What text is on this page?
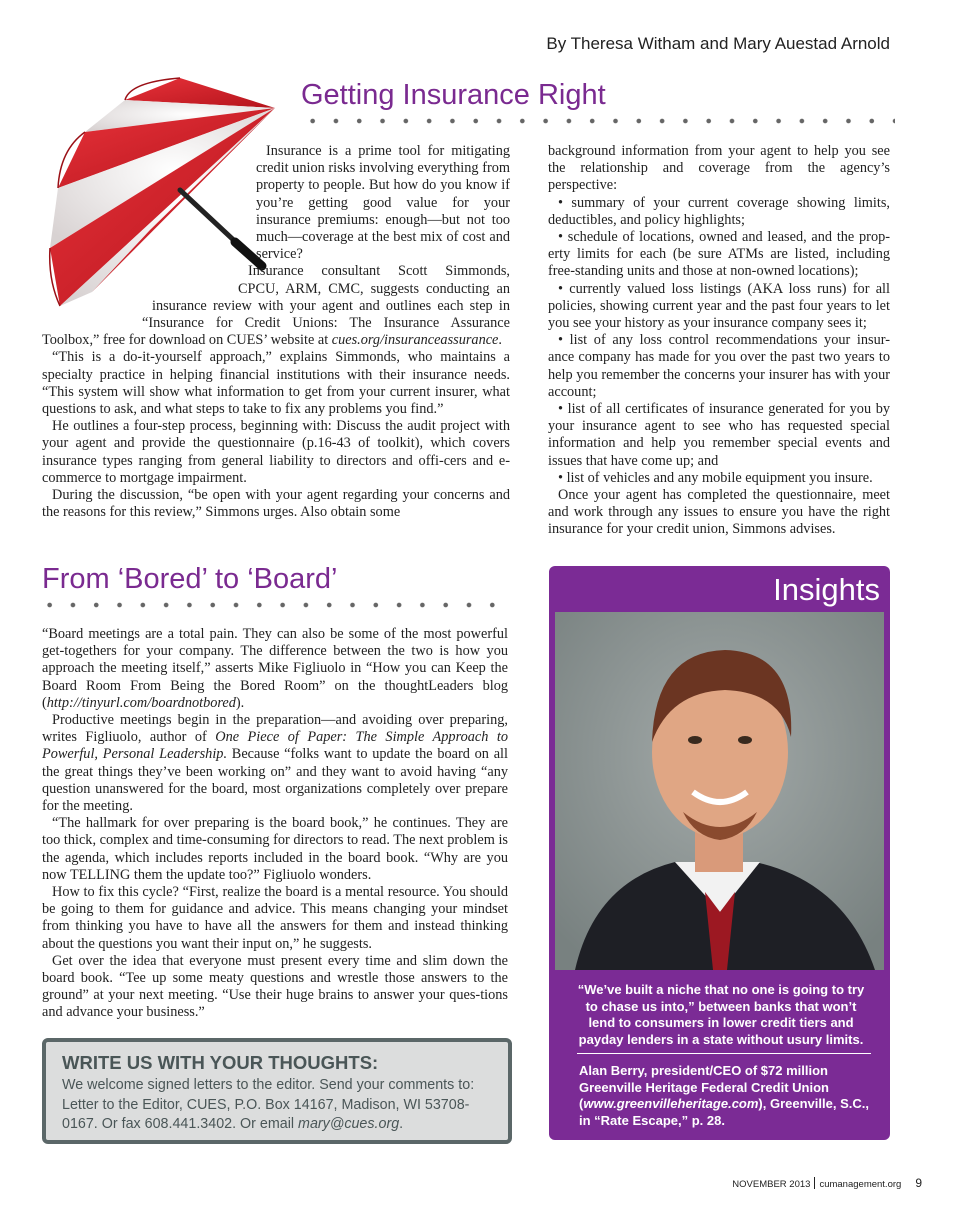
By Theresa Witham and Mary Auestad Arnold
Getting Insurance Right

Insurance is a prime tool for mitigating credit union risks involving everything from property to people. But how do you know if you’re getting good value for your insurance premiums: enough—but not too much—coverage at the best mix of cost and service?

Insurance consultant Scott Simmonds, CPCU, ARM, CMC, suggests conducting an insurance review with your agent and outlines each step in “Insurance for Credit Unions: The Insurance Assurance Toolbox,” free for download on CUES’ website at cues.org/insuranceassurance.

“This is a do-it-yourself approach,” explains Simmonds, who maintains a specialty practice in helping financial institutions with their insurance needs. “This system will show what information to get from your current insurer, what questions to ask, and what steps to take to fix any problems you find.”

He outlines a four-step process, beginning with: Discuss the audit project with your agent and provide the questionnaire (p.16-43 of toolkit), which covers insurance types ranging from general liability to directors and offi-cers and e-commerce to mortgage impairment.

During the discussion, “be open with your agent regarding your concerns and the reasons for this review,” Simmons urges. Also obtain some

background information from your agent to help you see the relationship and coverage from the agency’s perspective:

• summary of your current coverage showing limits, deductibles, and policy highlights;

• schedule of locations, owned and leased, and the prop-erty limits for each (be sure ATMs are listed, including free-standing units and those at non-owned locations);

• currently valued loss listings (AKA loss runs) for all policies, showing current year and the past four years to let you see your history as your insurance company sees it;

• list of any loss control recommendations your insur-ance company has made for you over the past two years to help you remember the concerns your insurer has with your account;

• list of all certificates of insurance generated for you by your insurance agent to see who has requested special information and help you remember special events and issues that have come up; and

• list of vehicles and any mobile equipment you insure.

Once your agent has completed the questionnaire, meet and work through any issues to ensure you have the right insurance for your credit union, Simmons advises.

From ‘Bored’ to ‘Board’

“Board meetings are a total pain. They can also be some of the most powerful get-togethers for your company. The difference between the two is how you approach the meeting itself,” asserts Mike Figliuolo in “How you can Keep the Board Room From Being the Bored Room” on the thoughtLeaders blog (http://tinyurl.com/boardnotbored).

Productive meetings begin in the preparation—and avoiding over preparing, writes Figliuolo, author of One Piece of Paper: The Simple Approach to Powerful, Personal Leadership. Because “folks want to update the board on all the great things they’ve been working on” and they want to avoid having “any question unanswered for the board, most organizations completely over prepare for the meeting.

“The hallmark for over preparing is the board book,” he continues. They are too thick, complex and time-consuming for directors to read. The next problem is the agenda, which includes reports included in the board book. “Why are you now TELLING them the update too?” Figliuolo wonders.

How to fix this cycle? “First, realize the board is a mental resource. You should be going to them for guidance and advice. This means changing your mindset from thinking you have to have all the answers for them and instead thinking about the questions you want their input on,” he suggests.

Get over the idea that everyone must present every time and slim down the board book. “Tee up some meaty questions and wrestle those answers to the ground” at your next meeting. “Use their huge brains to answer your ques-tions and advance your business.”

Insights
“We’ve built a niche that no one is going to try to chase us into,” between banks that won’t lend to consumers in lower credit tiers and payday lenders in a state without usury limits.
Alan Berry, president/CEO of $72 million Greenville Heritage Federal Credit Union (www.greenvilleheritage.com), Greenville, S.C., in “Rate Escape,” p. 28.
WRITE US WITH YOUR THOUGHTS:
We welcome signed letters to the editor. Send your comments to: Letter to the Editor, CUES, P.O. Box 14167, Madison, WI 53708-0167. Or fax 608.441.3402. Or email mary@cues.org.
NOVEMBER 2013 cumanagement.org 9
